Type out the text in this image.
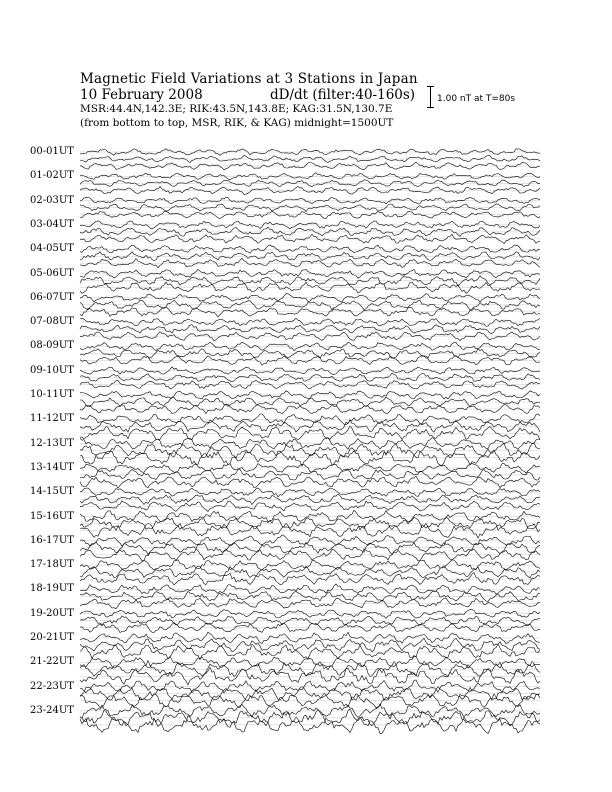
Magnetic Field Variations at 3 Stations in Japan
10 February 2008	dD/dt (filter:40-160s)
MSR:44.4N,142.3E; RIK:43.5N,143.8E; KAG:31.5N,130.7E
(from bottom to top, MSR, RIK, & KAG) midnight=1500UT
1.00 nT at T=80s
00-01UT
01-02UT
02-03UT
03-04UT
04-05UT
05-06UT
06-07UT
07-08UT
08-09UT
09-10UT
10-11UT
11-12UT
12-13UT
13-14UT
14-15UT
15-16UT
16-17UT
17-18UT
18-19UT
19-20UT
20-21UT
21-22UT
22-23UT
23-24UT
